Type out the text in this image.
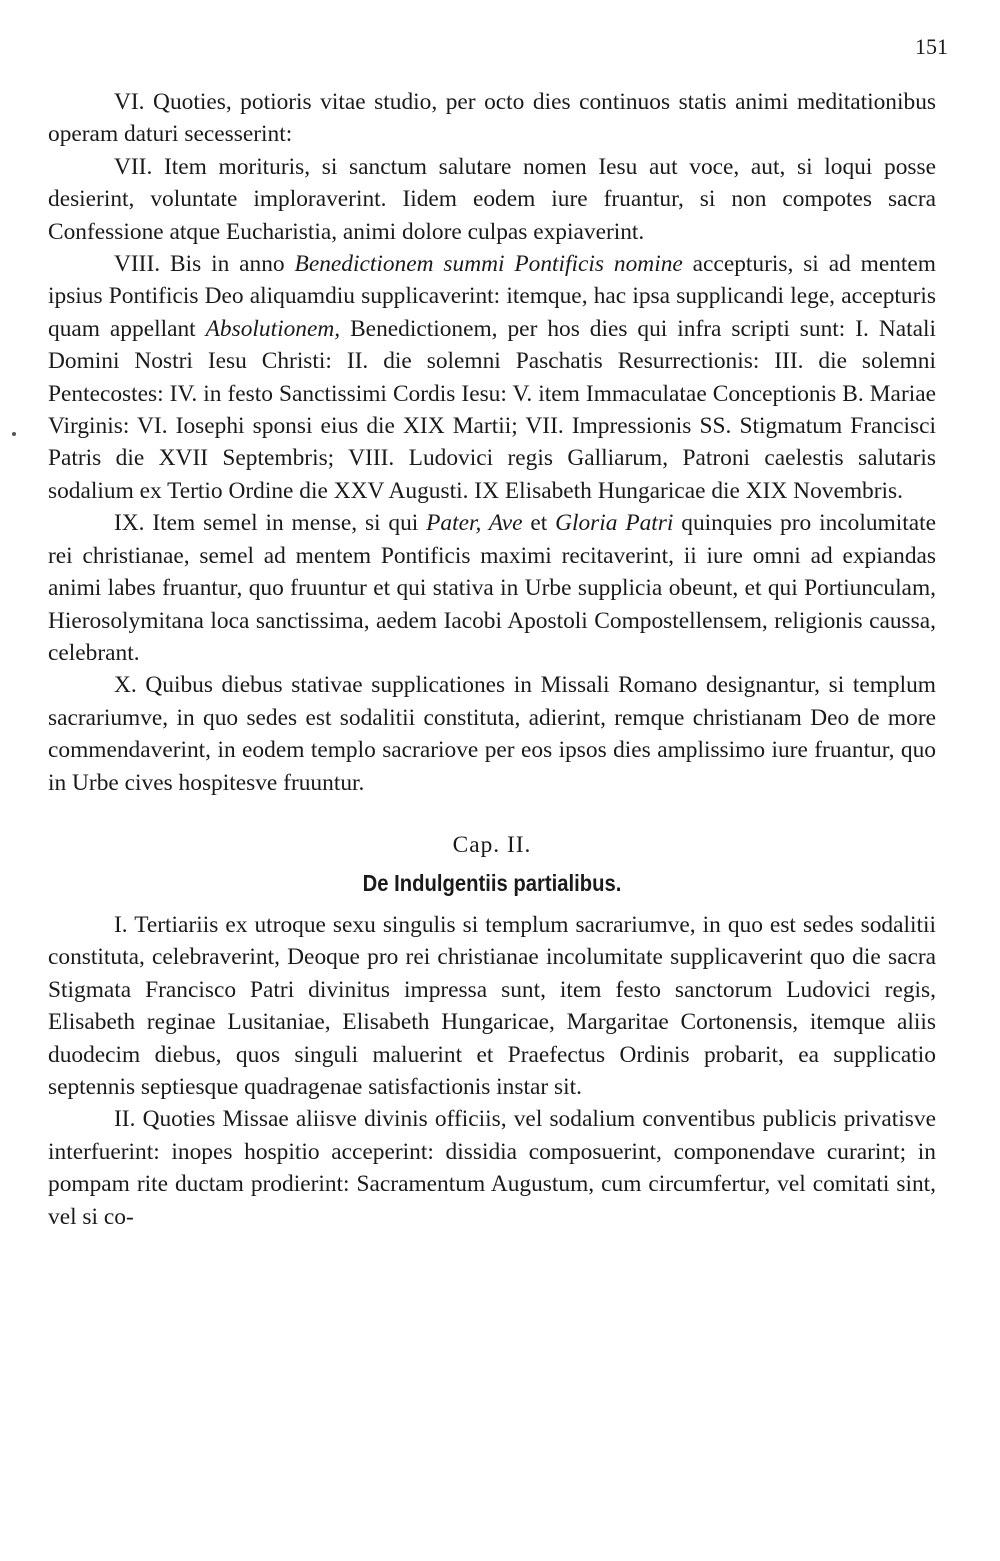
151

VI. Quoties, potioris vitae studio, per octo dies continuos statis animi meditationibus operam daturi secesserint:

VII. Item morituris, si sanctum salutare nomen Iesu aut voce, aut, si loqui posse desierint, voluntate imploraverint. Iidem eodem iure fruantur, si non compotes sacra Confessione atque Eucharistia, animi dolore culpas expiaverint.

VIII. Bis in anno Benedictionem summi Pontificis nomine accepturis, si ad mentem ipsius Pontificis Deo aliquamdiu supplicaverint: itemque, hac ipsa supplicandi lege, accepturis quam appellant Absolutionem, Benedictionem, per hos dies qui infra scripti sunt: I. Natali Domini Nostri Iesu Christi: II. die solemni Paschatis Resurrectionis: III. die solemni Pentecostes: IV. in festo Sanctissimi Cordis Iesu: V. item Immaculatae Conceptionis B. Mariae Virginis: VI. Iosephi sponsi eius die XIX Martii; VII. Impressionis SS. Stigmatum Francisci Patris die XVII Septembris; VIII. Ludovici regis Galliarum, Patroni caelestis salutaris sodalium ex Tertio Ordine die XXV Augusti. IX Elisabeth Hungaricae die XIX Novembris.

IX. Item semel in mense, si qui Pater, Ave et Gloria Patri quinquies pro incolumitate rei christianae, semel ad mentem Pontificis maximi recitaverint, ii iure omni ad expiandas animi labes fruantur, quo fruuntur et qui stativa in Urbe supplicia obeunt, et qui Portiunculam, Hierosolymitana loca sanctissima, aedem Iacobi Apostoli Compostellensem, religionis caussa, celebrant.

X. Quibus diebus stativae supplicationes in Missali Romano designantur, si templum sacrariumve, in quo sedes est sodalitii constituta, adierint, remque christianam Deo de more commendaverint, in eodem templo sacrariove per eos ipsos dies amplissimo iure fruantur, quo in Urbe cives hospitesve fruuntur.

Cap. II.
De Indulgentiis partialibus.

I. Tertiariis ex utroque sexu singulis si templum sacrariumve, in quo est sedes sodalitii constituta, celebraverint, Deoque pro rei christianae incolumitate supplicaverint quo die sacra Stigmata Francisco Patri divinitus impressa sunt, item festo sanctorum Ludovici regis, Elisabeth reginae Lusitaniae, Elisabeth Hungaricae, Margaritae Cortonensis, itemque aliis duodecim diebus, quos singuli maluerint et Praefectus Ordinis probarit, ea supplicatio septennis septiesque quadragenae satisfactionis instar sit.

II. Quoties Missae aliisve divinis officiis, vel sodalium conventibus publicis privatisve interfuerint: inopes hospitio acceperint: dissidia composuerint, componendave curarint; in pompam rite ductam prodierint: Sacramentum Augustum, cum circumfertur, vel comitati sint, vel si co-
